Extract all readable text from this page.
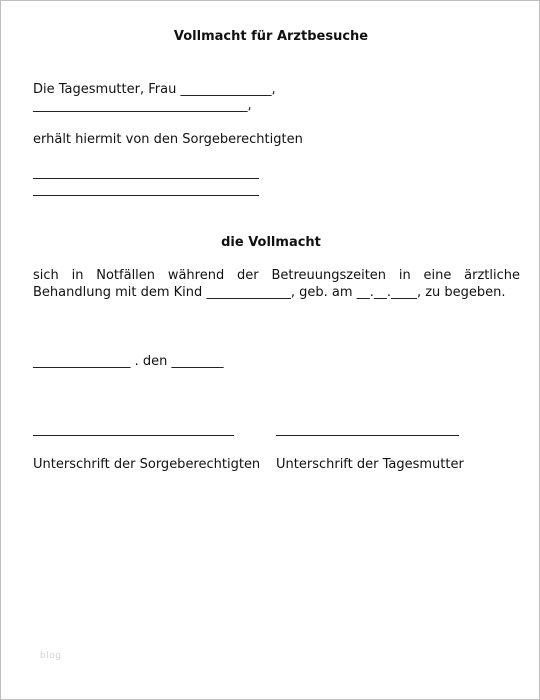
Vollmacht für Arztbesuche
Die Tagesmutter, Frau ______________,
_________________________________,
erhält hiermit von den Sorgeberechtigten
die Vollmacht
sich in Notfällen während der Betreuungszeiten in eine ärztliche Behandlung mit dem Kind _____________, geb. am __.__.____, zu begeben.
_______________ . den ________
Unterschrift der Sorgeberechtigten Unterschrift der Tagesmutter
blog
